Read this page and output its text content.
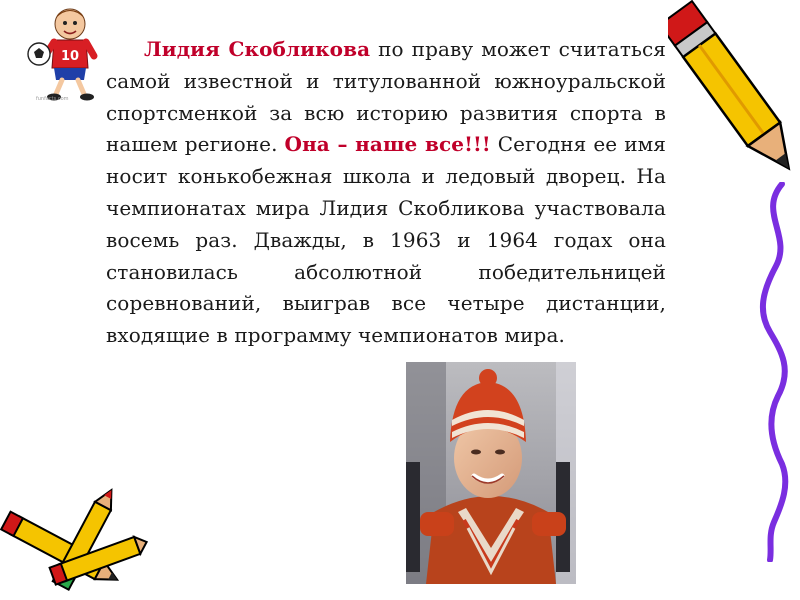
10
funfacts.com
Лидия Скобликова по праву может считаться самой известной и титулованной южноуральской спортсменкой за всю историю развития спорта в нашем регионе. Она – наше все!!! Сегодня ее имя носит конькобежная школа и ледовый дворец. На чемпионатах мира Лидия Скобликова участвовала восемь раз. Дважды, в 1963 и 1964 годах она становилась абсолютной победительницей соревнований, выиграв все четыре дистанции, входящие в программу чемпионатов мира.
